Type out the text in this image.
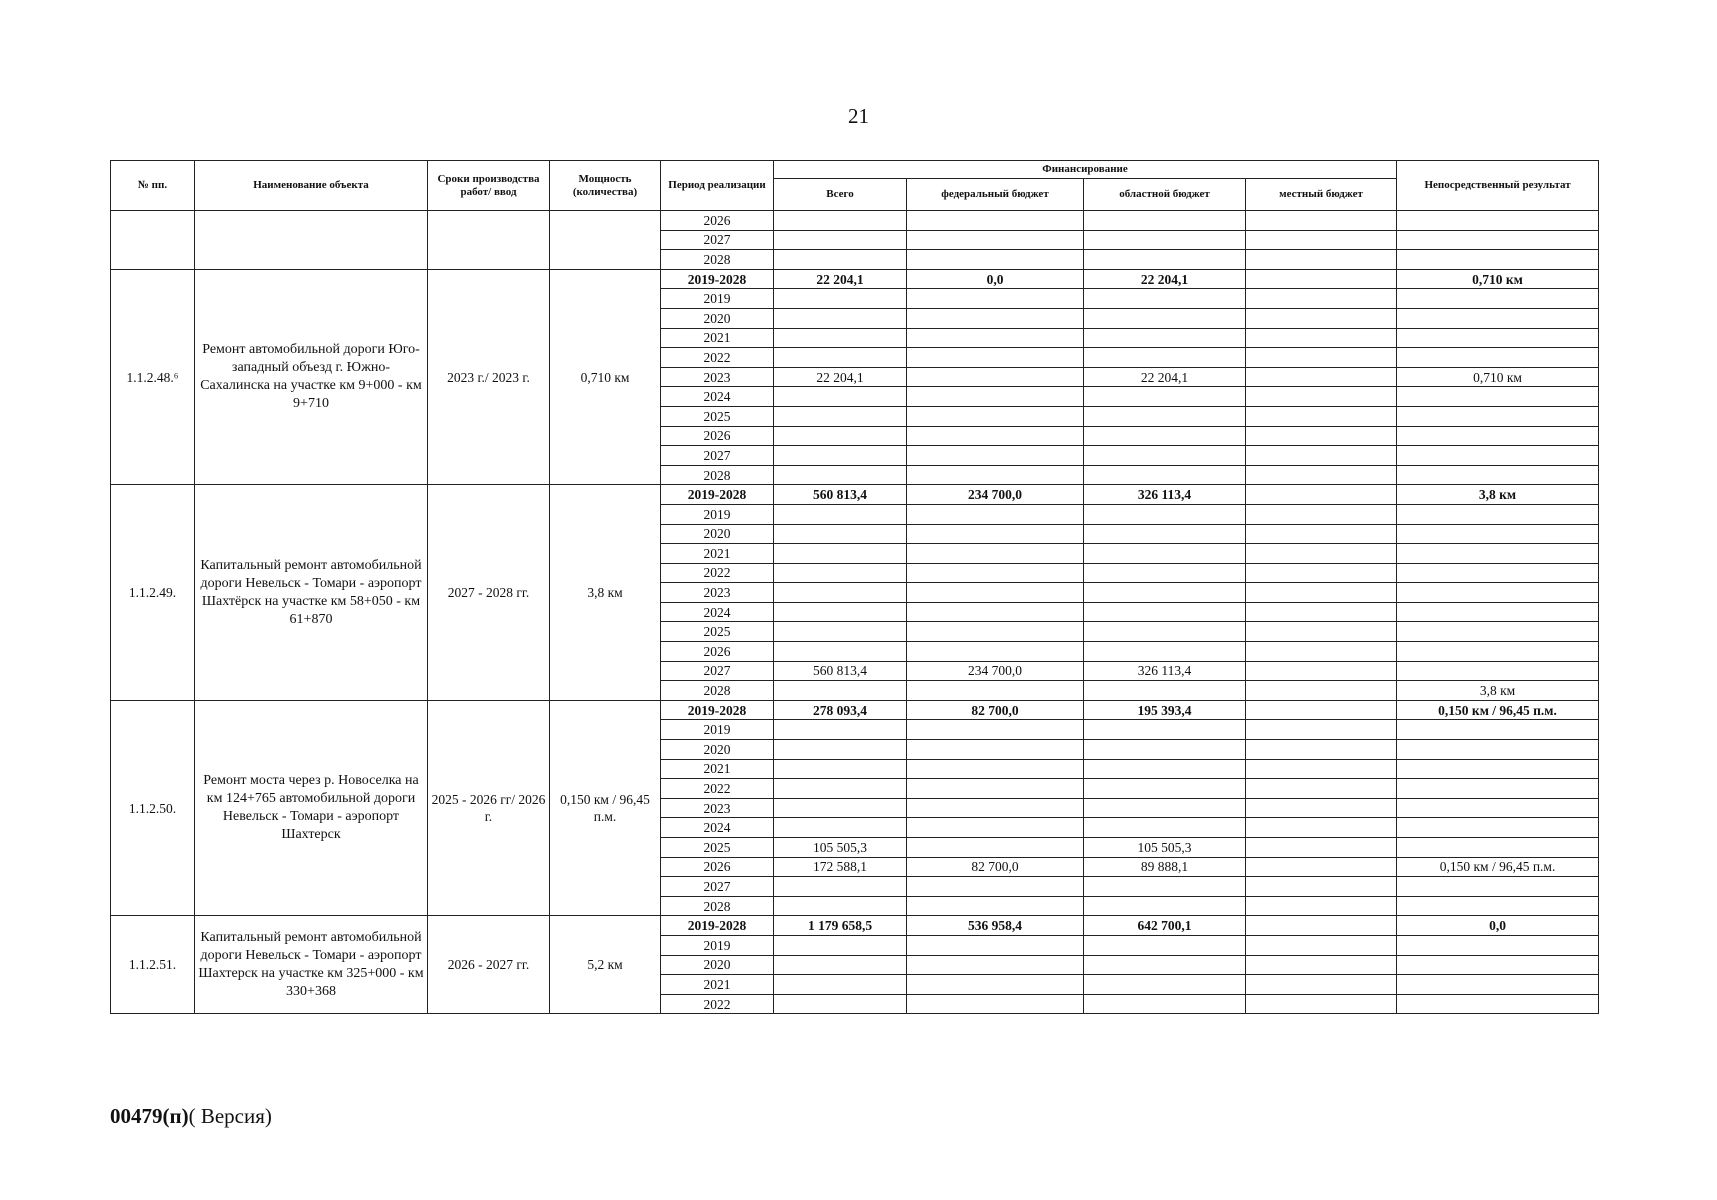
21
№ пп.	Наименование объекта	Сроки производства работ/ ввод	Мощность (количества)	Период реализации	Финансирование				Непосредственный результат
					Всего	федеральный бюджет	областной бюджет	местный бюджет	
				2026					
				2027					
				2028					
1.1.2.48.⁶	Ремонт автомобильной дороги Юго-западный объезд г. Южно-Сахалинска на участке км 9+000 - км 9+710	2023 г./ 2023 г.	0,710 км	2019-2028	22 204,1	0,0	22 204,1		0,710 км
				2019					
				2020					
				2021					
				2022					
				2023	22 204,1		22 204,1		0,710 км
				2024					
				2025					
				2026					
				2027					
				2028					
1.1.2.49.	Капитальный ремонт автомобильной дороги Невельск - Томари - аэропорт Шахтёрск на участке км 58+050 - км 61+870	2027 - 2028 гг.	3,8 км	2019-2028	560 813,4	234 700,0	326 113,4		3,8 км
				2019					
				2020					
				2021					
				2022					
				2023					
				2024					
				2025					
				2026					
				2027	560 813,4	234 700,0	326 113,4		
				2028					3,8 км
1.1.2.50.	Ремонт моста через р. Новоселка на км 124+765 автомобильной дороги Невельск - Томари - аэропорт Шахтерск	2025 - 2026 гг/ 2026 г.	0,150 км / 96,45 п.м.	2019-2028	278 093,4	82 700,0	195 393,4		0,150 км / 96,45 п.м.
				2019					
				2020					
				2021					
				2022					
				2023					
				2024					
				2025	105 505,3		105 505,3		
				2026	172 588,1	82 700,0	89 888,1		0,150 км / 96,45 п.м.
				2027					
				2028					
1.1.2.51.	Капитальный ремонт автомобильной дороги Невельск - Томари - аэропорт Шахтерск на участке км 325+000 - км 330+368	2026 - 2027 гг.	5,2 км	2019-2028	1 179 658,5	536 958,4	642 700,1		0,0
				2019					
				2020					
				2021					
				2022					
00479(п)( Версия)
